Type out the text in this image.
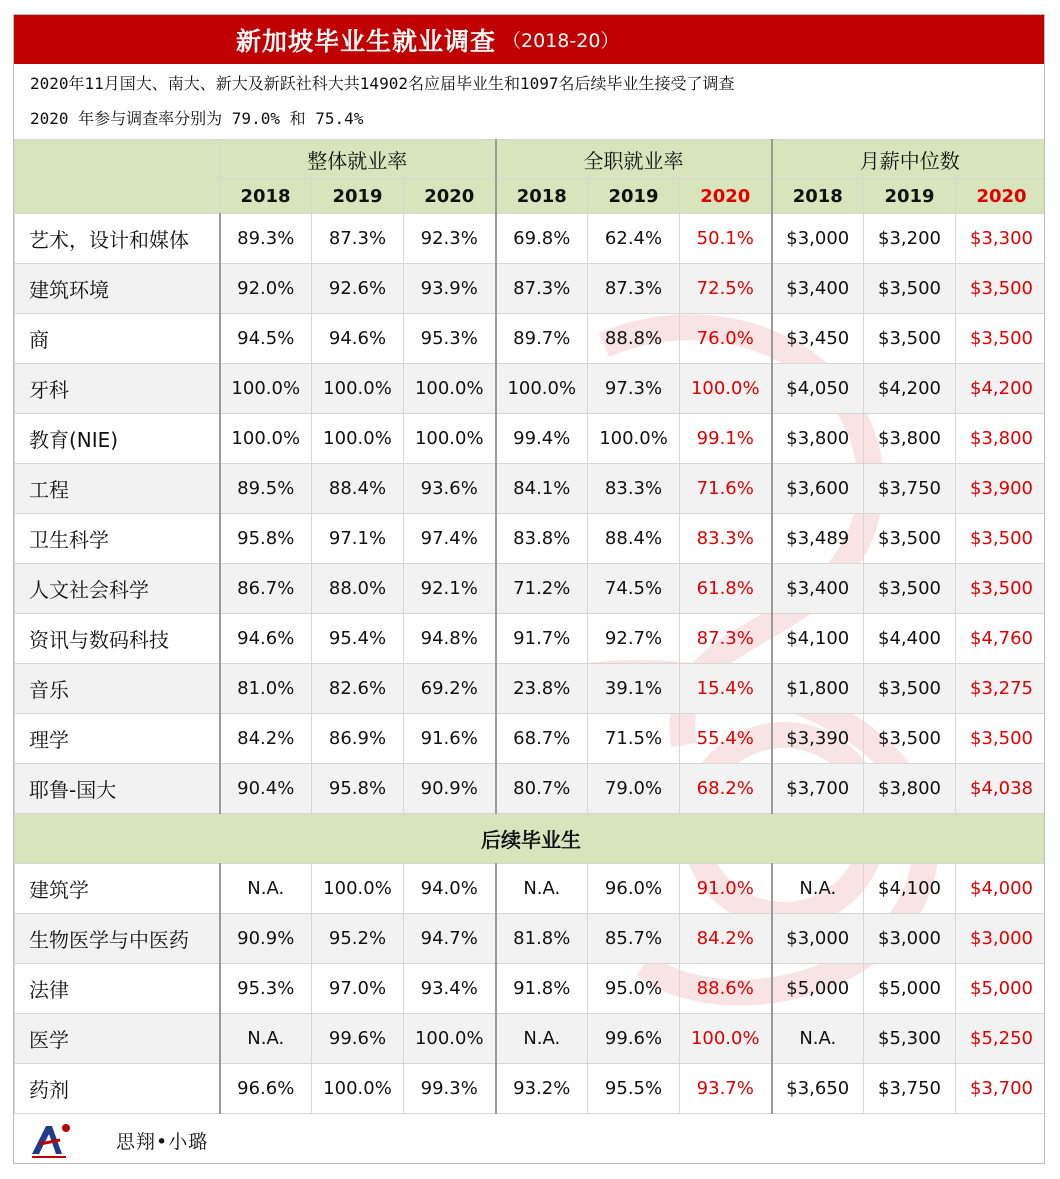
新加坡毕业生就业调查 （2018-20）
2020年11月国大、南大、新大及新跃社科大共14902名应届毕业生和1097名后续毕业生接受了调查
2020 年参与调查率分别为 79.0% 和 75.4%
	整体就业率			全职就业率			月薪中位数		
	2018	2019	2020	2018	2019	2020	2018	2019	2020
艺术，设计和媒体	89.3%	87.3%	92.3%	69.8%	62.4%	50.1%	$3,000	$3,200	$3,300
建筑环境	92.0%	92.6%	93.9%	87.3%	87.3%	72.5%	$3,400	$3,500	$3,500
商	94.5%	94.6%	95.3%	89.7%	88.8%	76.0%	$3,450	$3,500	$3,500
牙科	100.0%	100.0%	100.0%	100.0%	97.3%	100.0%	$4,050	$4,200	$4,200
教育(NIE)	100.0%	100.0%	100.0%	99.4%	100.0%	99.1%	$3,800	$3,800	$3,800
工程	89.5%	88.4%	93.6%	84.1%	83.3%	71.6%	$3,600	$3,750	$3,900
卫生科学	95.8%	97.1%	97.4%	83.8%	88.4%	83.3%	$3,489	$3,500	$3,500
人文社会科学	86.7%	88.0%	92.1%	71.2%	74.5%	61.8%	$3,400	$3,500	$3,500
资讯与数码科技	94.6%	95.4%	94.8%	91.7%	92.7%	87.3%	$4,100	$4,400	$4,760
音乐	81.0%	82.6%	69.2%	23.8%	39.1%	15.4%	$1,800	$3,500	$3,275
理学	84.2%	86.9%	91.6%	68.7%	71.5%	55.4%	$3,390	$3,500	$3,500
耶鲁-国大	90.4%	95.8%	90.9%	80.7%	79.0%	68.2%	$3,700	$3,800	$4,038
后续毕业生									
建筑学	N.A.	100.0%	94.0%	N.A.	96.0%	91.0%	N.A.	$4,100	$4,000
生物医学与中医药	90.9%	95.2%	94.7%	81.8%	85.7%	84.2%	$3,000	$3,000	$3,000
法律	95.3%	97.0%	93.4%	91.8%	95.0%	88.6%	$5,000	$5,000	$5,000
医学	N.A.	99.6%	100.0%	N.A.	99.6%	100.0%	N.A.	$5,300	$5,250
药剂	96.6%	100.0%	99.3%	93.2%	95.5%	93.7%	$3,650	$3,750	$3,700
思翔•小璐
